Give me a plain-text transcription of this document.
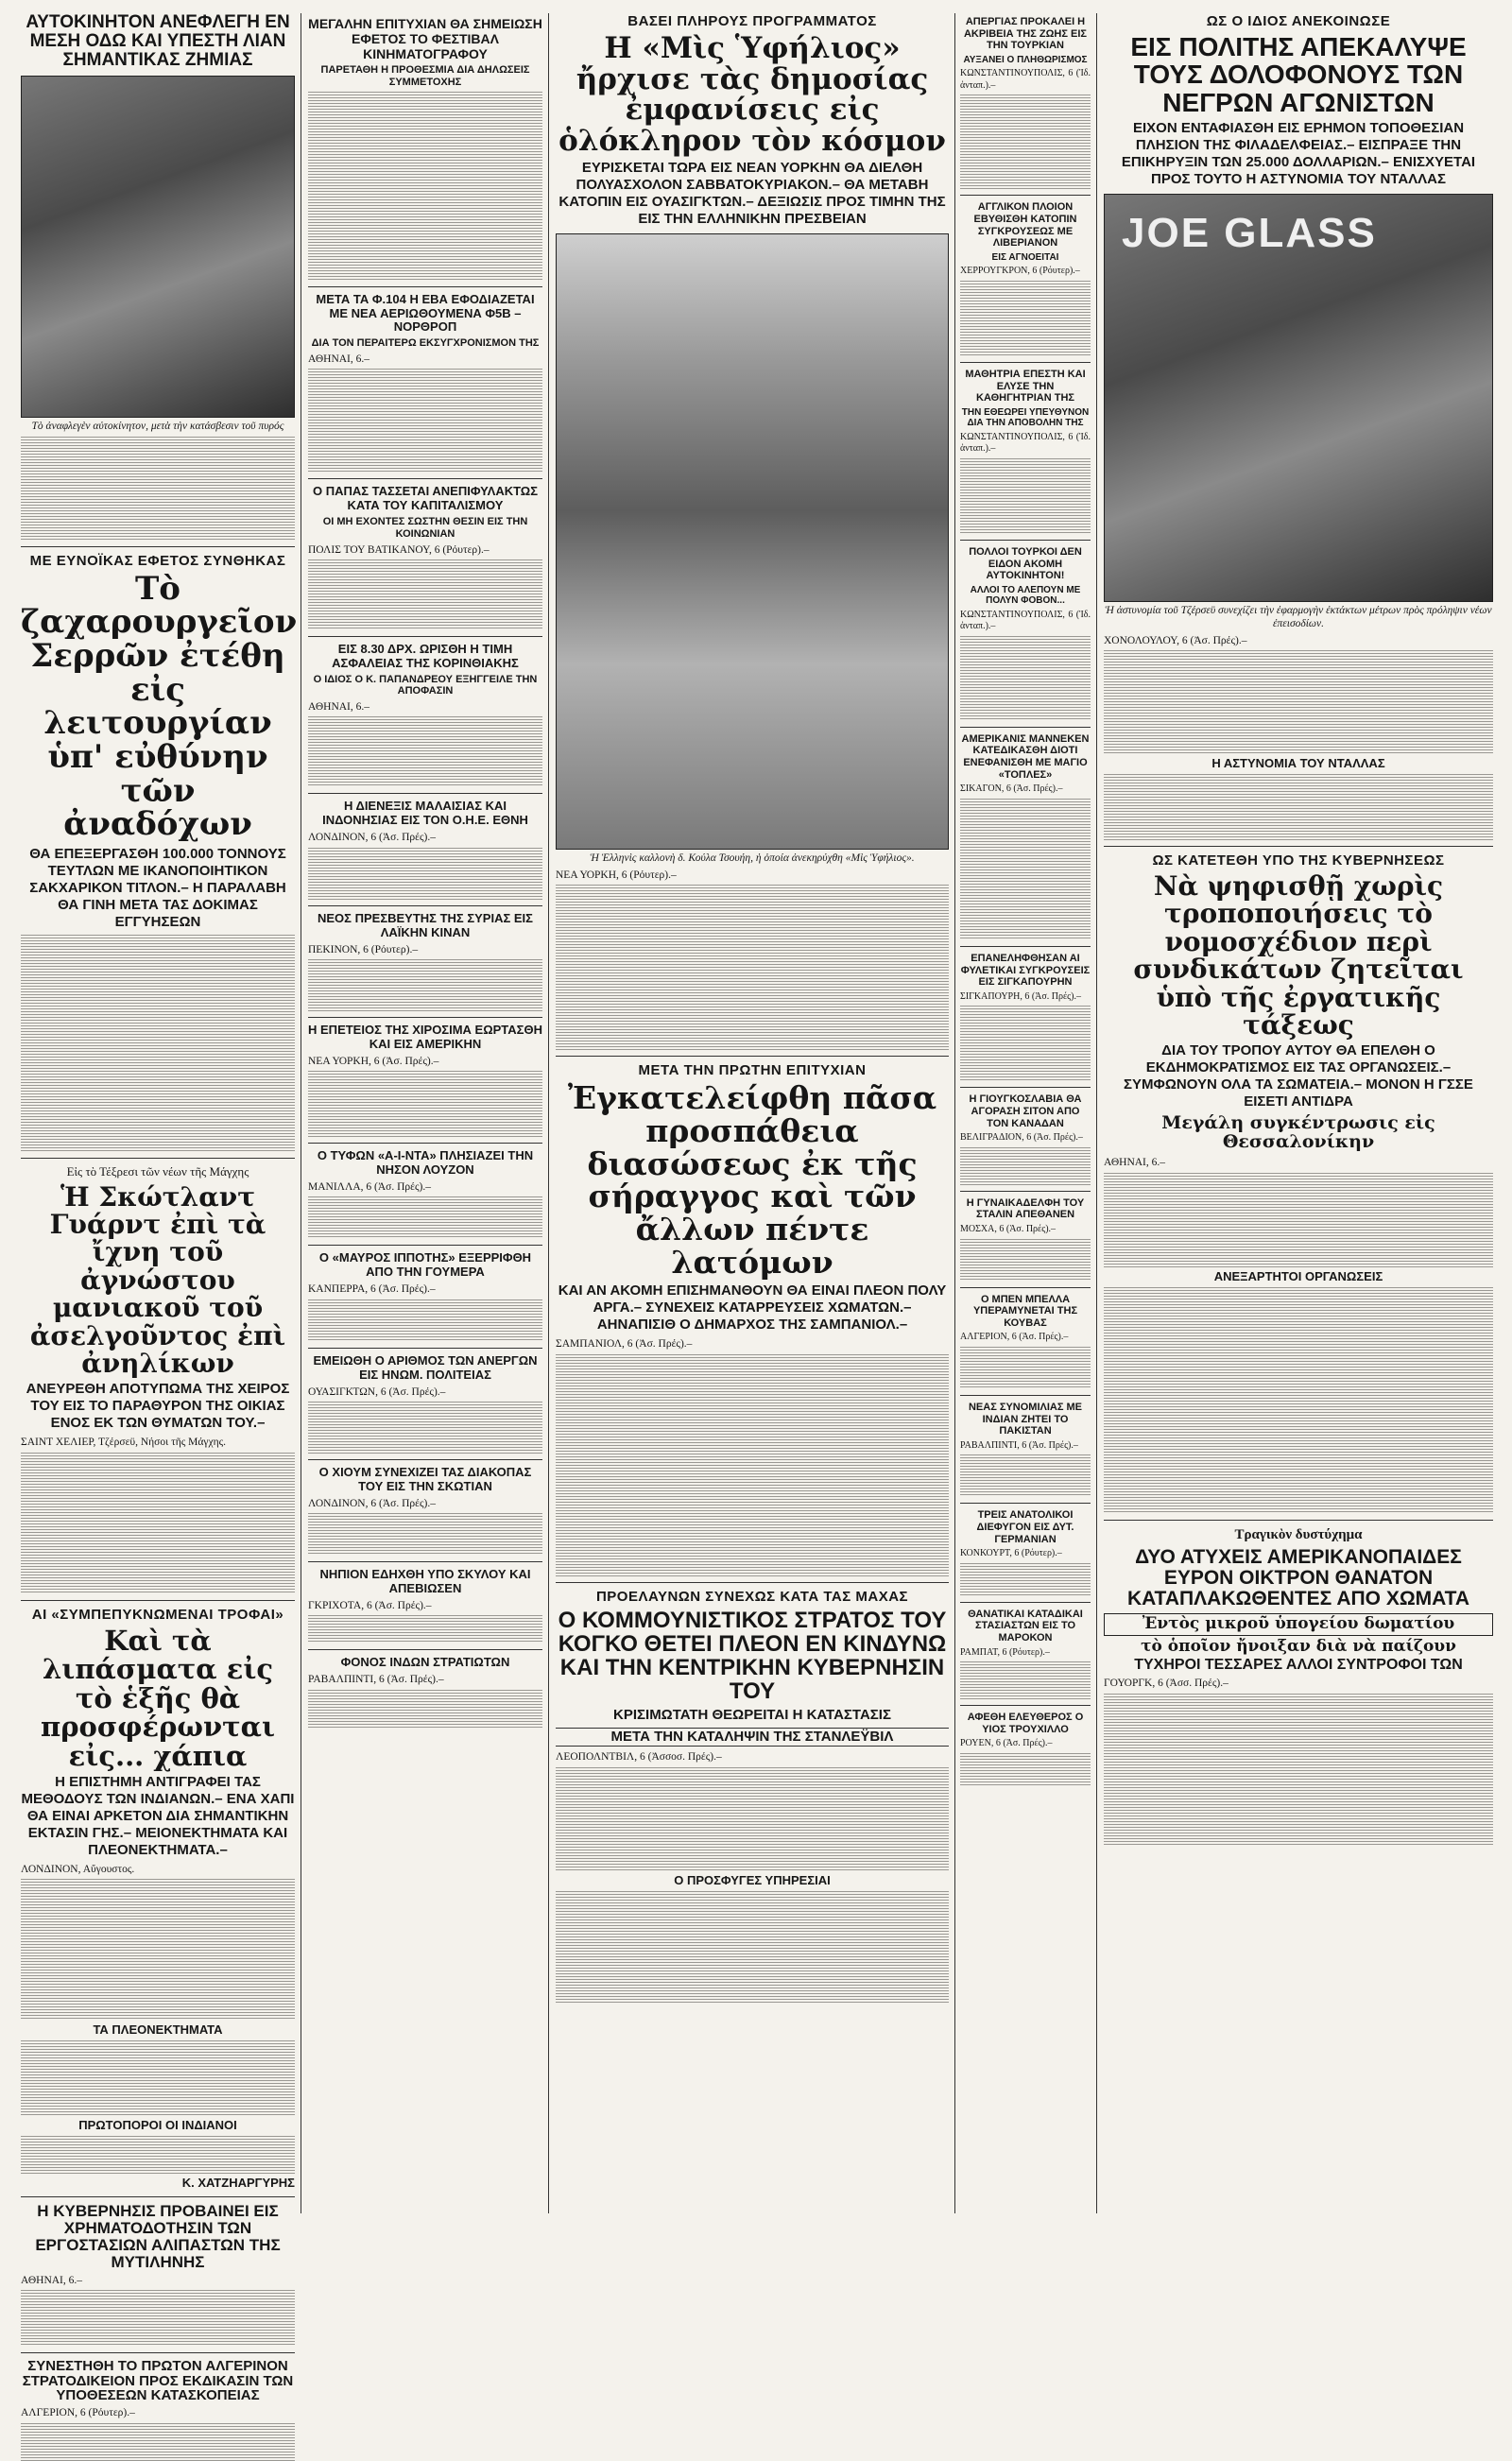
ΑΥΤΟΚΙΝΗΤΟΝ ΑΝΕΦΛΕΓΗ ΕΝ ΜΕΣΗ ΟΔΩ ΚΑΙ ΥΠΕΣΤΗ ΛΙΑΝ ΣΗΜΑΝΤΙΚΑΣ ΖΗΜΙΑΣ
Τὸ ἀναφλεγὲν αὐτοκίνητον, μετὰ τὴν κατάσβεσιν τοῦ πυρός
ΜΕ ΕΥΝΟΪΚΑΣ ΕΦΕΤΟΣ ΣΥΝΘΗΚΑΣ
Τὸ ζαχαρουργεῖον Σερρῶν ἐτέθη εἰς λειτουργίαν ὑπ' εὐθύνην τῶν ἀναδόχων
ΘΑ ΕΠΕΞΕΡΓΑΣΘΗ 100.000 ΤΟΝΝΟΥΣ ΤΕΥΤΛΩΝ ΜΕ ΙΚΑΝΟΠΟΙΗΤΙΚΟΝ ΣΑΚΧΑΡΙΚΟΝ ΤΙΤΛΟΝ.– Η ΠΑΡΑΛΑΒΗ ΘΑ ΓΙΝΗ ΜΕΤΑ ΤΑΣ ΔΟΚΙΜΑΣ ΕΓΓΥΗΣΕΩΝ
Εἰς τὸ Τέξρεσι τῶν νέων τῆς Μάγχης
Ἡ Σκώτλαντ Γυάρντ ἐπὶ τὰ ἴχνη τοῦ ἀγνώστου μανιακοῦ τοῦ ἀσελγοῦντος ἐπὶ ἀνηλίκων
ΑΝΕΥΡΕΘΗ ΑΠΟΤΥΠΩΜΑ ΤΗΣ ΧΕΙΡΟΣ ΤΟΥ ΕΙΣ ΤΟ ΠΑΡΑΘΥΡΟΝ ΤΗΣ ΟΙΚΙΑΣ ΕΝΟΣ ΕΚ ΤΩΝ ΘΥΜΑΤΩΝ ΤΟΥ.–
ΣΑΙΝΤ ΧΕΛΙΕΡ, Τζέρσεϋ, Νήσοι τῆς Μάγχης.
ΑΙ «ΣΥΜΠΕΠΥΚΝΩΜΕΝΑΙ ΤΡΟΦΑΙ»
Καὶ τὰ λιπάσματα εἰς τὸ ἑξῆς θὰ προσφέρωνται εἰς... χάπια
Η ΕΠΙΣΤΗΜΗ ΑΝΤΙΓΡΑΦΕΙ ΤΑΣ ΜΕΘΟΔΟΥΣ ΤΩΝ ΙΝΔΙΑΝΩΝ.– ΕΝΑ ΧΑΠΙ ΘΑ ΕΙΝΑΙ ΑΡΚΕΤΟΝ ΔΙΑ ΣΗΜΑΝΤΙΚΗΝ ΕΚΤΑΣΙΝ ΓΗΣ.– ΜΕΙΟΝΕΚΤΗΜΑΤΑ ΚΑΙ ΠΛΕΟΝΕΚΤΗΜΑΤΑ.–
ΛΟΝΔΙΝΟΝ, Αὔγουστος.
ΤΑ ΠΛΕΟΝΕΚΤΗΜΑΤΑ
ΠΡΩΤΟΠΟΡΟΙ ΟΙ ΙΝΔΙΑΝΟΙ
Κ. ΧΑΤΖΗΑΡΓΥΡΗΣ
Η ΚΥΒΕΡΝΗΣΙΣ ΠΡΟΒΑΙΝΕΙ ΕΙΣ ΧΡΗΜΑΤΟΔΟΤΗΣΙΝ ΤΩΝ ΕΡΓΟΣΤΑΣΙΩΝ ΑΛΙΠΑΣΤΩΝ ΤΗΣ ΜΥΤΙΛΗΝΗΣ
ΑΘΗΝΑΙ, 6.–
ΣΥΝΕΣΤΗΘΗ ΤΟ ΠΡΩΤΟΝ ΑΛΓΕΡΙΝΟΝ ΣΤΡΑΤΟΔΙΚΕΙΟΝ ΠΡΟΣ ΕΚΔΙΚΑΣΙΝ ΤΩΝ ΥΠΟΘΕΣΕΩΝ ΚΑΤΑΣΚΟΠΕΙΑΣ
ΑΛΓΕΡΙΟΝ, 6 (Ρόυτερ).–
ΜΕΓΑΛΗΝ ΕΠΙΤΥΧΙΑΝ ΘΑ ΣΗΜΕΙΩΣΗ ΕΦΕΤΟΣ ΤΟ ΦΕΣΤΙΒΑΛ ΚΙΝΗΜΑΤΟΓΡΑΦΟΥ
ΠΑΡΕΤΑΘΗ Η ΠΡΟΘΕΣΜΙΑ ΔΙΑ ΔΗΛΩΣΕΙΣ ΣΥΜΜΕΤΟΧΗΣ
ΜΕΤΑ ΤΑ Φ.104 Η ΕΒΑ ΕΦΟΔΙΑΖΕΤΑΙ ΜΕ ΝΕΑ ΑΕΡΙΩΘΟΥΜΕΝΑ Φ5Β – ΝΟΡΘΡΟΠ
ΔΙΑ ΤΟΝ ΠΕΡΑΙΤΕΡΩ ΕΚΣΥΓΧΡΟΝΙΣΜΟΝ ΤΗΣ
ΑΘΗΝΑΙ, 6.–
Ο ΠΑΠΑΣ ΤΑΣΣΕΤΑΙ ΑΝΕΠΙΦΥΛΑΚΤΩΣ ΚΑΤΑ ΤΟΥ ΚΑΠΙΤΑΛΙΣΜΟΥ
ΟΙ ΜΗ ΕΧΟΝΤΕΣ ΣΩΣΤΗΝ ΘΕΣΙΝ ΕΙΣ ΤΗΝ ΚΟΙΝΩΝΙΑΝ
ΠΟΛΙΣ ΤΟΥ ΒΑΤΙΚΑΝΟΥ, 6 (Ρόυτερ).–
ΕΙΣ 8.30 ΔΡΧ. ΩΡΙΣΘΗ Η ΤΙΜΗ ΑΣΦΑΛΕΙΑΣ ΤΗΣ ΚΟΡΙΝΘΙΑΚΗΣ
Ο ΙΔΙΟΣ Ο Κ. ΠΑΠΑΝΔΡΕΟΥ ΕΞΗΓΓΕΙΛΕ ΤΗΝ ΑΠΟΦΑΣΙΝ
ΑΘΗΝΑΙ, 6.–
Η ΔΙΕΝΕΞΙΣ ΜΑΛΑΙΣΙΑΣ ΚΑΙ ΙΝΔΟΝΗΣΙΑΣ ΕΙΣ ΤΟΝ Ο.Η.Ε. ΕΘΝΗ
ΛΟΝΔΙΝΟΝ, 6 (Ἀσ. Πρές).–
ΝΕΟΣ ΠΡΕΣΒΕΥΤΗΣ ΤΗΣ ΣΥΡΙΑΣ ΕΙΣ ΛΑΪΚΗΝ ΚΙΝΑΝ
ΠΕΚΙΝΟΝ, 6 (Ρόυτερ).–
Η ΕΠΕΤΕΙΟΣ ΤΗΣ ΧΙΡΟΣΙΜΑ ΕΩΡΤΑΣΘΗ ΚΑΙ ΕΙΣ ΑΜΕΡΙΚΗΝ
ΝΕΑ ΥΟΡΚΗ, 6 (Ἀσ. Πρές).–
Ο ΤΥΦΩΝ «Α-Ι-ΝΤΑ» ΠΛΗΣΙΑΖΕΙ ΤΗΝ ΝΗΣΟΝ ΛΟΥΖΟΝ
ΜΑΝΙΛΛΑ, 6 (Ἀσ. Πρές).–
Ο «ΜΑΥΡΟΣ ΙΠΠΟΤΗΣ» ΕΞΕΡΡΙΦΘΗ ΑΠΟ ΤΗΝ ΓΟΥΜΕΡΑ
ΚΑΝΠΕΡΡΑ, 6 (Ἀσ. Πρές).–
ΕΜΕΙΩΘΗ Ο ΑΡΙΘΜΟΣ ΤΩΝ ΑΝΕΡΓΩΝ ΕΙΣ ΗΝΩΜ. ΠΟΛΙΤΕΙΑΣ
ΟΥΑΣΙΓΚΤΩΝ, 6 (Ἀσ. Πρές).–
Ο ΧΙΟΥΜ ΣΥΝΕΧΙΖΕΙ ΤΑΣ ΔΙΑΚΟΠΑΣ ΤΟΥ ΕΙΣ ΤΗΝ ΣΚΩΤΙΑΝ
ΛΟΝΔΙΝΟΝ, 6 (Ἀσ. Πρές).–
ΝΗΠΙΟΝ ΕΔΗΧΘΗ ΥΠΟ ΣΚΥΛΟΥ ΚΑΙ ΑΠΕΒΙΩΣΕΝ
ΓΚΡΙΧΟΤΑ, 6 (Ἀσ. Πρές).–
ΦΟΝΟΣ ΙΝΔΩΝ ΣΤΡΑΤΙΩΤΩΝ
ΡΑΒΑΛΠΙΝΤΙ, 6 (Ἀσ. Πρές).–
ΒΑΣΕΙ ΠΛΗΡΟΥΣ ΠΡΟΓΡΑΜΜΑΤΟΣ
Η «Μὶς Ὑφήλιος» ἤρχισε τὰς δημοσίας ἐμφανίσεις εἰς ὁλόκληρον τὸν κόσμον
ΕΥΡΙΣΚΕΤΑΙ ΤΩΡΑ ΕΙΣ ΝΕΑΝ ΥΟΡΚΗΝ ΘΑ ΔΙΕΛΘΗ ΠΟΛΥΑΣΧΟΛΟΝ ΣΑΒΒΑΤΟΚΥΡΙΑΚΟΝ.– ΘΑ ΜΕΤΑΒΗ ΚΑΤΟΠΙΝ ΕΙΣ ΟΥΑΣΙΓΚΤΩΝ.– ΔΕΞΙΩΣΙΣ ΠΡΟΣ ΤΙΜΗΝ ΤΗΣ ΕΙΣ ΤΗΝ ΕΛΛΗΝΙΚΗΝ ΠΡΕΣΒΕΙΑΝ
Ἡ Ἑλληνὶς καλλονὴ δ. Κούλα Τσουήη, ἡ ὁποία ἀνεκηρύχθη «Μὶς Ὑφήλιος».
ΝΕΑ ΥΟΡΚΗ, 6 (Ρόυτερ).–
ΜΕΤΑ ΤΗΝ ΠΡΩΤΗΝ ΕΠΙΤΥΧΙΑΝ
Ἐγκατελείφθη πᾶσα προσπάθεια διασώσεως ἐκ τῆς σήραγγος καὶ τῶν ἄλλων πέντε λατόμων
ΚΑΙ ΑΝ ΑΚΟΜΗ ΕΠΙΣΗΜΑΝΘΟΥΝ ΘΑ ΕΙΝΑΙ ΠΛΕΟΝ ΠΟΛΥ ΑΡΓΑ.– ΣΥΝΕΧΕΙΣ ΚΑΤΑΡΡΕΥΣΕΙΣ ΧΩΜΑΤΩΝ.– ΑΗΝΑΠΙΣΙΘ Ο ΔΗΜΑΡΧΟΣ ΤΗΣ ΣΑΜΠΑΝΙΟΛ.–
ΣΑΜΠΑΝΙΟΛ, 6 (Ἀσ. Πρές).–
ΠΡΟΕΛΑΥΝΩΝ ΣΥΝΕΧΩΣ ΚΑΤΑ ΤΑΣ ΜΑΧΑΣ
Ο ΚΟΜΜΟΥΝΙΣΤΙΚΟΣ ΣΤΡΑΤΟΣ ΤΟΥ ΚΟΓΚΟ ΘΕΤΕΙ ΠΛΕΟΝ ΕΝ ΚΙΝΔΥΝΩ ΚΑΙ ΤΗΝ ΚΕΝΤΡΙΚΗΝ ΚΥΒΕΡΝΗΣΙΝ ΤΟΥ
ΚΡΙΣΙΜΩΤΑΤΗ ΘΕΩΡΕΙΤΑΙ Η ΚΑΤΑΣΤΑΣΙΣ
ΜΕΤΑ ΤΗΝ ΚΑΤΑΛΗΨΙΝ ΤΗΣ ΣΤΑΝΛΕΫΒΙΛ
ΛΕΟΠΟΛΝΤΒΙΛ, 6 (Ἀσσοσ. Πρές).–
Ο ΠΡΟΣΦΥΓΕΣ ΥΠΗΡΕΣΙΑΙ
ΑΠΕΡΓΙΑΣ ΠΡΟΚΑΛΕΙ Η ΑΚΡΙΒΕΙΑ ΤΗΣ ΖΩΗΣ ΕΙΣ ΤΗΝ ΤΟΥΡΚΙΑΝ
ΑΥΞΑΝΕΙ Ο ΠΛΗΘΩΡΙΣΜΟΣ
ΚΩΝΣΤΑΝΤΙΝΟΥΠΟΛΙΣ, 6 (Ἰδ. ἀνταπ.).–
ΑΓΓΛΙΚΟΝ ΠΛΟΙΟΝ ΕΒΥΘΙΣΘΗ ΚΑΤΟΠΙΝ ΣΥΓΚΡΟΥΣΕΩΣ ΜΕ ΛΙΒΕΡΙΑΝΟΝ
ΕΙΣ ΑΓΝΟΕΙΤΑΙ
ΧΕΡΡΟΥΓΚΡΟΝ, 6 (Ρόυτερ).–
ΜΑΘΗΤΡΙΑ ΕΠΕΣΤΗ ΚΑΙ ΕΛΥΣΕ ΤΗΝ ΚΑΘΗΓΗΤΡΙΑΝ ΤΗΣ
ΤΗΝ ΕΘΕΩΡΕΙ ΥΠΕΥΘΥΝΟΝ ΔΙΑ ΤΗΝ ΑΠΟΒΟΛΗΝ ΤΗΣ
ΚΩΝΣΤΑΝΤΙΝΟΥΠΟΛΙΣ, 6 (Ἰδ. ἀνταπ.).–
ΠΟΛΛΟΙ ΤΟΥΡΚΟΙ ΔΕΝ ΕΙΔΟΝ ΑΚΟΜΗ ΑΥΤΟΚΙΝΗΤΟΝ!
ΑΛΛΟΙ ΤΟ ΑΛΕΠΟΥΝ ΜΕ ΠΟΛΥΝ ΦΟΒΟΝ...
ΚΩΝΣΤΑΝΤΙΝΟΥΠΟΛΙΣ, 6 (Ἰδ. ἀνταπ.).–
ΑΜΕΡΙΚΑΝΙΣ ΜΑΝΝΕΚΕΝ ΚΑΤΕΔΙΚΑΣΘΗ ΔΙΟΤΙ ΕΝΕΦΑΝΙΣΘΗ ΜΕ ΜΑΓΙΟ «ΤΟΠΛΕΣ»
ΣΙΚΑΓΟΝ, 6 (Ἀσ. Πρές).–
ΕΠΑΝΕΛΗΦΘΗΣΑΝ ΑΙ ΦΥΛΕΤΙΚΑΙ ΣΥΓΚΡΟΥΣΕΙΣ ΕΙΣ ΣΙΓΚΑΠΟΥΡΗΝ
ΣΙΓΚΑΠΟΥΡΗ, 6 (Ἀσ. Πρές).–
Η ΓΙΟΥΓΚΟΣΛΑΒΙΑ ΘΑ ΑΓΟΡΑΣΗ ΣΙΤΟΝ ΑΠΟ ΤΟΝ ΚΑΝΑΔΑΝ
ΒΕΛΙΓΡΑΔΙΟΝ, 6 (Ἀσ. Πρές).–
Η ΓΥΝΑΙΚΑΔΕΛΦΗ ΤΟΥ ΣΤΑΛΙΝ ΑΠΕΘΑΝΕΝ
ΜΟΣΧΑ, 6 (Ἀσ. Πρές).–
Ο ΜΠΕΝ ΜΠΕΛΛΑ ΥΠΕΡΑΜΥΝΕΤΑΙ ΤΗΣ ΚΟΥΒΑΣ
ΑΛΓΕΡΙΟΝ, 6 (Ἀσ. Πρές).–
ΝΕΑΣ ΣΥΝΟΜΙΛΙΑΣ ΜΕ ΙΝΔΙΑΝ ΖΗΤΕΙ ΤΟ ΠΑΚΙΣΤΑΝ
ΡΑΒΑΛΠΙΝΤΙ, 6 (Ἀσ. Πρές).–
ΤΡΕΙΣ ΑΝΑΤΟΛΙΚΟΙ ΔΙΕΦΥΓΟΝ ΕΙΣ ΔΥΤ. ΓΕΡΜΑΝΙΑΝ
ΚΟΝΚΟΥΡΤ, 6 (Ρόυτερ).–
ΘΑΝΑΤΙΚΑΙ ΚΑΤΑΔΙΚΑΙ ΣΤΑΣΙΑΣΤΩΝ ΕΙΣ ΤΟ ΜΑΡΟΚΟΝ
ΡΑΜΠΑΤ, 6 (Ρόυτερ).–
ΑΦΕΘΗ ΕΛΕΥΘΕΡΟΣ Ο ΥΙΟΣ ΤΡΟΥΧΙΛΛΟ
ΡΟΥΕΝ, 6 (Ἀσ. Πρές).–
ΩΣ Ο ΙΔΙΟΣ ΑΝΕΚΟΙΝΩΣΕ
ΕΙΣ ΠΟΛΙΤΗΣ ΑΠΕΚΑΛΥΨΕ ΤΟΥΣ ΔΟΛΟΦΟΝΟΥΣ ΤΩΝ ΝΕΓΡΩΝ ΑΓΩΝΙΣΤΩΝ
ΕΙΧΟΝ ΕΝΤΑΦΙΑΣΘΗ ΕΙΣ ΕΡΗΜΟΝ ΤΟΠΟΘΕΣΙΑΝ ΠΛΗΣΙΟΝ ΤΗΣ ΦΙΛΑΔΕΛΦΕΙΑΣ.– ΕΙΣΠΡΑΞΕ ΤΗΝ ΕΠΙΚΗΡΥΞΙΝ ΤΩΝ 25.000 ΔΟΛΛΑΡΙΩΝ.– ΕΝΙΣΧΥΕΤΑΙ ΠΡΟΣ ΤΟΥΤΟ Η ΑΣΤΥΝΟΜΙΑ ΤΟΥ ΝΤΑΛΛΑΣ
JOE GLASS
Ἡ ἀστυνομία τοῦ Τζέρσεϋ συνεχίζει τὴν ἐφαρμογὴν ἐκτάκτων μέτρων πρὸς πρόληψιν νέων ἐπεισοδίων.
ΧΟΝΟΛΟΥΛΟΥ, 6 (Ἀσ. Πρές).–
Η ΑΣΤΥΝΟΜΙΑ ΤΟΥ ΝΤΑΛΛΑΣ
ΩΣ ΚΑΤΕΤΕΘΗ ΥΠΟ ΤΗΣ ΚΥΒΕΡΝΗΣΕΩΣ
Νὰ ψηφισθῇ χωρὶς τροποποιήσεις τὸ νομοσχέδιον περὶ συνδικάτων ζητεῖται ὑπὸ τῆς ἐργατικῆς τάξεως
ΔΙΑ ΤΟΥ ΤΡΟΠΟΥ ΑΥΤΟΥ ΘΑ ΕΠΕΛΘΗ Ο ΕΚΔΗΜΟΚΡΑΤΙΣΜΟΣ ΕΙΣ ΤΑΣ ΟΡΓΑΝΩΣΕΙΣ.– ΣΥΜΦΩΝΟΥΝ ΟΛΑ ΤΑ ΣΩΜΑΤΕΙΑ.– ΜΟΝΟΝ Η ΓΣΣΕ ΕΙΣΕΤΙ ΑΝΤΙΔΡΑ
Μεγάλη συγκέντρωσις εἰς Θεσσαλονίκην
ΑΘΗΝΑΙ, 6.–
ΑΝΕΞΑΡΤΗΤΟΙ ΟΡΓΑΝΩΣΕΙΣ
Τραγικὸν δυστύχημα
ΔΥΟ ΑΤΥΧΕΙΣ ΑΜΕΡΙΚΑΝΟΠΑΙΔΕΣ ΕΥΡΟΝ ΟΙΚΤΡΟΝ ΘΑΝΑΤΟΝ ΚΑΤΑΠΛΑΚΩΘΕΝΤΕΣ ΑΠΟ ΧΩΜΑΤΑ
Ἐντὸς μικροῦ ὑπογείου δωματίου
τὸ ὁποῖον ἤνοιξαν διὰ νὰ παίζουν
ΤΥΧΗΡΟΙ ΤΕΣΣΑΡΕΣ ΑΛΛΟΙ ΣΥΝΤΡΟΦΟΙ ΤΩΝ
ΓΟΥΟΡΓΚ, 6 (Ἀσσ. Πρές).–
